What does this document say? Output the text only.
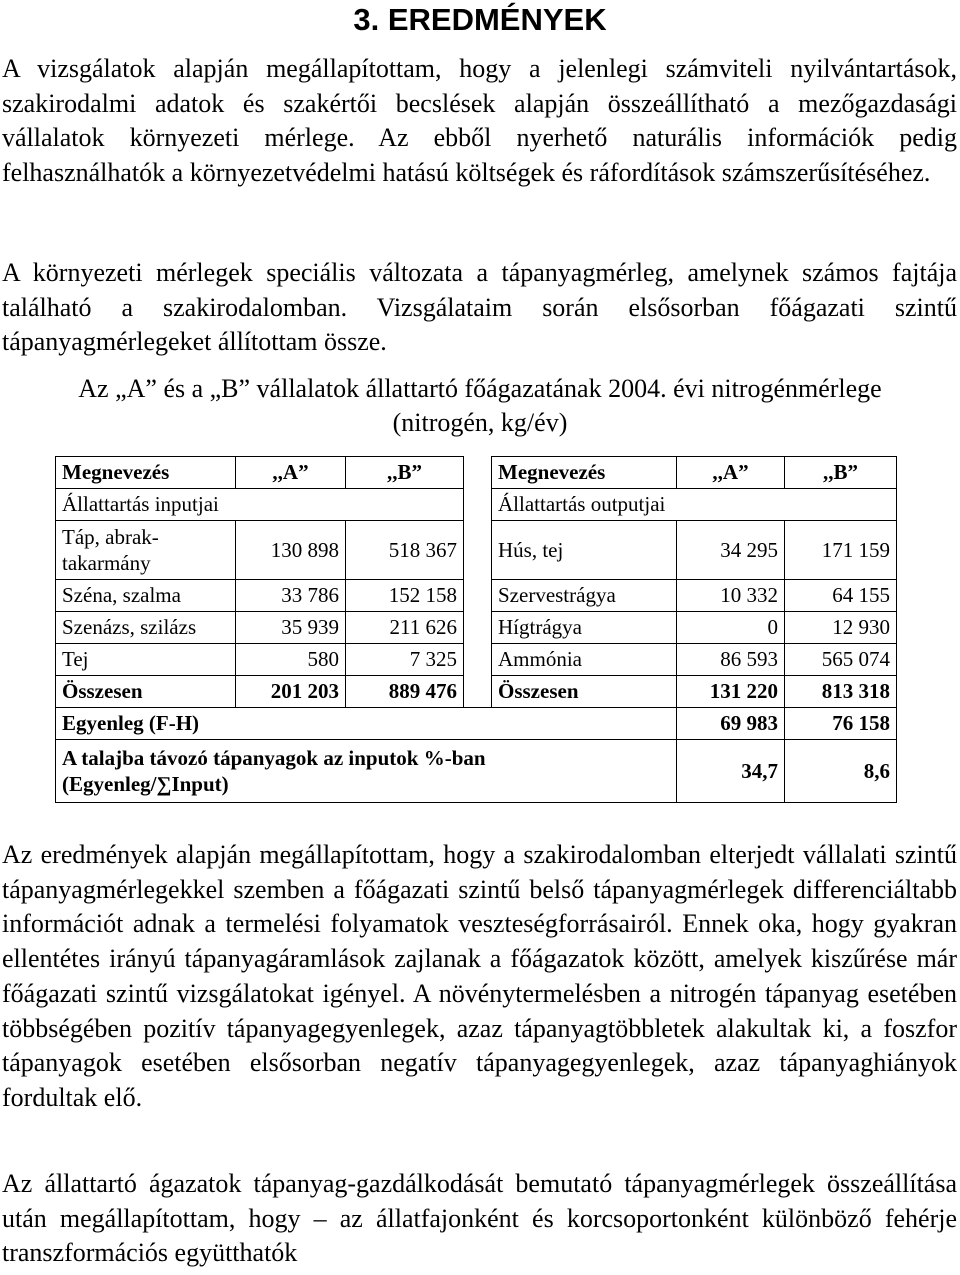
3. EREDMÉNYEK

A vizsgálatok alapján megállapítottam, hogy a jelenlegi számviteli nyilvántartások, szakirodalmi adatok és szakértői becslések alapján összeállítható a mezőgazdasági vállalatok környezeti mérlege. Az ebből nyerhető naturális információk pedig felhasználhatók a környezetvédelmi hatású költségek és ráfordítások számszerűsítéséhez.

A környezeti mérlegek speciális változata a tápanyagmérleg, amelynek számos fajtája található a szakirodalomban. Vizsgálataim során elsősorban főágazati szintű tápanyagmérlegeket állítottam össze.

Az „A” és a „B” vállalatok állattartó főágazatának 2004. évi nitrogénmérlege

(nitrogén, kg/év)

Megnevezés	,,A”	,,B”		Megnevezés	,,A”	,,B”
Állattartás inputjai				Állattartás outputjai		
Táp, abrak-takarmány	130 898	518 367		Hús, tej	34 295	171 159
Széna, szalma	33 786	152 158		Szervestrágya	10 332	64 155
Szenázs, szilázs	35 939	211 626		Hígtrágya	0	12 930
Tej	580	7 325		Ammónia	86 593	565 074
Összesen	201 203	889 476		Összesen	131 220	813 318
Egyenleg (F-H)					69 983	76 158

A talajba távozó tápanyagok az inputok %-ban
(Egyenleg/∑Input)					34,7	8,6

Az eredmények alapján megállapítottam, hogy a szakirodalomban elterjedt vállalati szintű tápanyagmérlegekkel szemben a főágazati szintű belső tápanyagmérlegek differenciáltabb információt adnak a termelési folyamatok veszteségforrásairól. Ennek oka, hogy gyakran ellentétes irányú tápanyagáramlások zajlanak a főágazatok között, amelyek kiszűrése már főágazati szintű vizsgálatokat igényel. A növénytermelésben a nitrogén tápanyag esetében többségében pozitív tápanyagegyenlegek, azaz tápanyagtöbbletek alakultak ki, a foszfor tápanyagok esetében elsősorban negatív tápanyagegyenlegek, azaz tápanyaghiányok fordultak elő.

Az állattartó ágazatok tápanyag-gazdálkodását bemutató tápanyagmérlegek összeállítása után megállapítottam, hogy – az állatfajonként és korcsoportonként különböző fehérje transzformációs együtthatók
